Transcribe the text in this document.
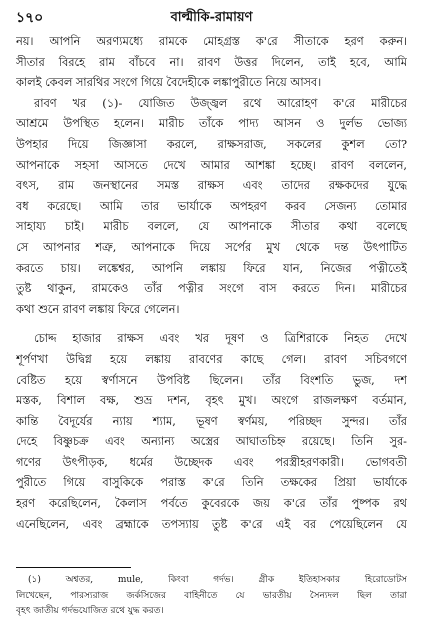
১৭০	বাল্মীকি-রামায়ণ
নয়। আপনি অরণ্যমধ্যে রামকে মোহগ্রস্ত ক'রে সীতাকে হরণ করুন।
সীতার বিরহে রাম বাঁচবে না। রাবণ উত্তর দিলেন, তাই হবে, আমি
কালই কেবল সারথির সংগে গিয়ে বৈদেহীকে লঙ্কাপুরীতে নিয়ে আসব।
রাবণ খর (১)- যোজিত উজ্জ্বল রথে আরোহণ ক'রে মারীচের
আশ্রমে উপস্থিত হলেন। মারীচ তাঁকে পাদ্য আসন ও দুর্লভ ভোজ্য
উপহার দিয়ে জিজ্ঞাসা করলে, রাক্ষসরাজ, সকলের কুশল তো?
আপনাকে সহসা আসতে দেখে আমার আশঙ্কা হচ্ছে। রাবণ বললেন,
বৎস, রাম জনস্থানের সমস্ত রাক্ষস এবং তাদের রক্ষকদের যুদ্ধে
বধ করেছে। আমি তার ভার্যাকে অপহরণ করব সেজন্য তোমার
সাহায্য চাই। মারীচ বললে, যে আপনাকে সীতার কথা বলেছে
সে আপনার শত্রু, আপনাকে দিয়ে সর্পের মুখ থেকে দন্ত উৎপাটিত
করতে চায়। লঙ্কেশ্বর, আপনি লঙ্কায় ফিরে যান, নিজের পত্নীতেই
তুষ্ট থাকুন, রামকেও তাঁর পত্নীর সংগে বাস করতে দিন। মারীচের
কথা শুনে রাবণ লঙ্কায় ফিরে গেলেন।
চোদ্দ হাজার রাক্ষস এবং খর দূষণ ও ত্রিশিরাকে নিহত দেখে
শূর্পণখা উদ্বিগ্ন হয়ে লঙ্কায় রাবণের কাছে গেল। রাবণ সচিবগণে
বেষ্টিত হয়ে স্বর্ণাসনে উপবিষ্ট ছিলেন। তাঁর বিংশতি ভুজ, দশ
মস্তক, বিশাল বক্ষ, শুভ্র দশন, বৃহৎ মুখ। অংগে রাজলক্ষণ বর্তমান,
কান্তি বৈদূর্যের ন্যায় শ্যাম, ভূষণ স্বর্ণময়, পরিচ্ছদ সুন্দর। তাঁর
দেহে বিষ্ণুচক্র এবং অন্যান্য অস্ত্রের আঘাতচিহ্ন রয়েছে। তিনি সুর-
গণের উৎপীড়ক, ধর্মের উচ্ছেদক এবং পরস্ত্রীহরণকারী। ভোগবতী
পুরীতে গিয়ে বাসুকিকে পরাস্ত ক'রে তিনি তক্ষকের প্রিয়া ভার্যাকে
হরণ করেছিলেন, কৈলাস পর্বতে কুবেরকে জয় ক'রে তাঁর পুষ্পক রথ
এনেছিলেন, এবং ব্রহ্মাকে তপস্যায় তুষ্ট ক'রে এই বর পেয়েছিলেন যে
(১) অশ্বতর, mule, কিংবা গর্দভ। গ্রীক ইতিহাসকার হিরোডোটস
লিখেছেন, পারস্যরাজ জর্কসিজের বাহিনীতে যে ভারতীয় সৈন্যদল ছিল তারা
বৃহৎ জাতীয় গর্দভযোজিত রথে যুদ্ধ করত।
